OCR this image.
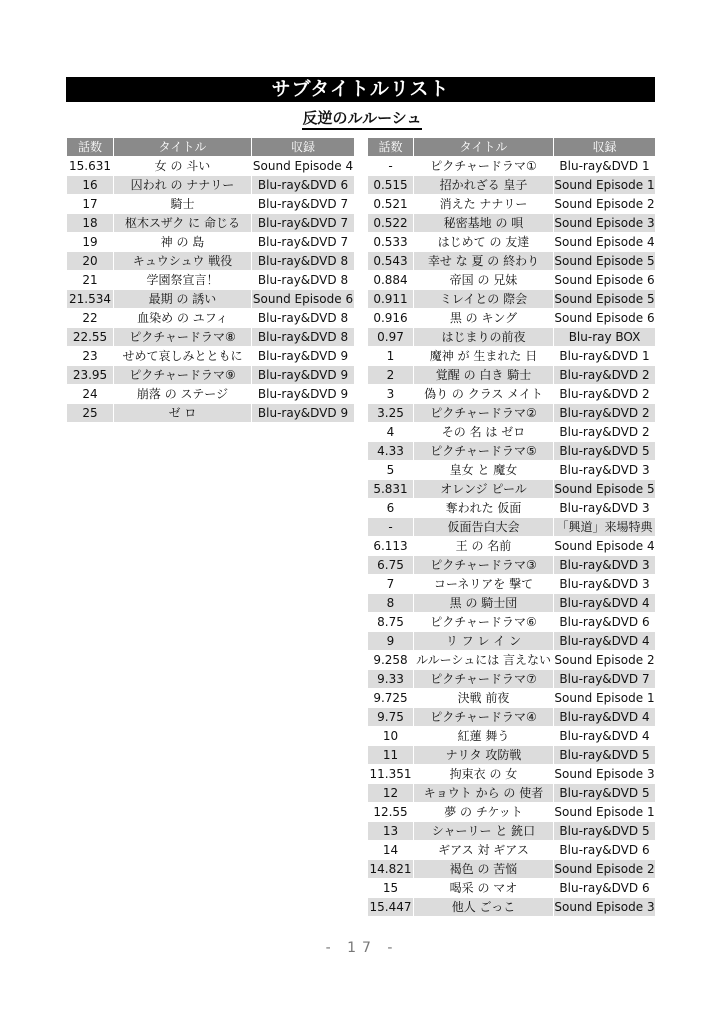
サブタイトルリスト
反逆のルルーシュ
話数	タイトル	収録
15.631	女 の 斗い	Sound Episode 4
16	囚われ の ナナリー	Blu-ray&DVD 6
17	騎士	Blu-ray&DVD 7
18	枢木スザク に 命じる	Blu-ray&DVD 7
19	神 の 島	Blu-ray&DVD 7
20	キュウシュウ 戦役	Blu-ray&DVD 8
21	学園祭宣言！	Blu-ray&DVD 8
21.534	最期 の 誘い	Sound Episode 6
22	血染め の ユフィ	Blu-ray&DVD 8
22.55	ピクチャードラマ⑧	Blu-ray&DVD 8
23	せめて哀しみとともに	Blu-ray&DVD 9
23.95	ピクチャードラマ⑨	Blu-ray&DVD 9
24	崩落 の ステージ	Blu-ray&DVD 9
25	ゼ ロ	Blu-ray&DVD 9
話数	タイトル	収録
-	ピクチャードラマ①	Blu-ray&DVD 1
0.515	招かれざる 皇子	Sound Episode 1
0.521	消えた ナナリー	Sound Episode 2
0.522	秘密基地 の 唄	Sound Episode 3
0.533	はじめて の 友達	Sound Episode 4
0.543	幸せ な 夏 の 終わり	Sound Episode 5
0.884	帝国 の 兄妹	Sound Episode 6
0.911	ミレイとの 際会	Sound Episode 5
0.916	黒 の キング	Sound Episode 6
0.97	はじまりの前夜	Blu-ray BOX
1	魔神 が 生まれた 日	Blu-ray&DVD 1
2	覚醒 の 白き 騎士	Blu-ray&DVD 2
3	偽り の クラス メイト	Blu-ray&DVD 2
3.25	ピクチャードラマ②	Blu-ray&DVD 2
4	その 名 は ゼロ	Blu-ray&DVD 2
4.33	ピクチャードラマ⑤	Blu-ray&DVD 5
5	皇女 と 魔女	Blu-ray&DVD 3
5.831	オレンジ ピール	Sound Episode 5
6	奪われた 仮面	Blu-ray&DVD 3
-	仮面告白大会	「興道」来場特典
6.113	王 の 名前	Sound Episode 4
6.75	ピクチャードラマ③	Blu-ray&DVD 3
7	コーネリアを 撃て	Blu-ray&DVD 3
8	黒 の 騎士団	Blu-ray&DVD 4
8.75	ピクチャードラマ⑥	Blu-ray&DVD 6
9	リ フ レ イ ン	Blu-ray&DVD 4
9.258	ルルーシュには 言えない	Sound Episode 2
9.33	ピクチャードラマ⑦	Blu-ray&DVD 7
9.725	決戦 前夜	Sound Episode 1
9.75	ピクチャードラマ④	Blu-ray&DVD 4
10	紅蓮 舞う	Blu-ray&DVD 4
11	ナリタ 攻防戦	Blu-ray&DVD 5
11.351	拘束衣 の 女	Sound Episode 3
12	キョウト から の 使者	Blu-ray&DVD 5
12.55	夢 の チケット	Sound Episode 1
13	シャーリー と 銃口	Blu-ray&DVD 5
14	ギアス 対 ギアス	Blu-ray&DVD 6
14.821	褐色 の 苦悩	Sound Episode 2
15	喝采 の マオ	Blu-ray&DVD 6
15.447	他人 ごっこ	Sound Episode 3
- 17 -
